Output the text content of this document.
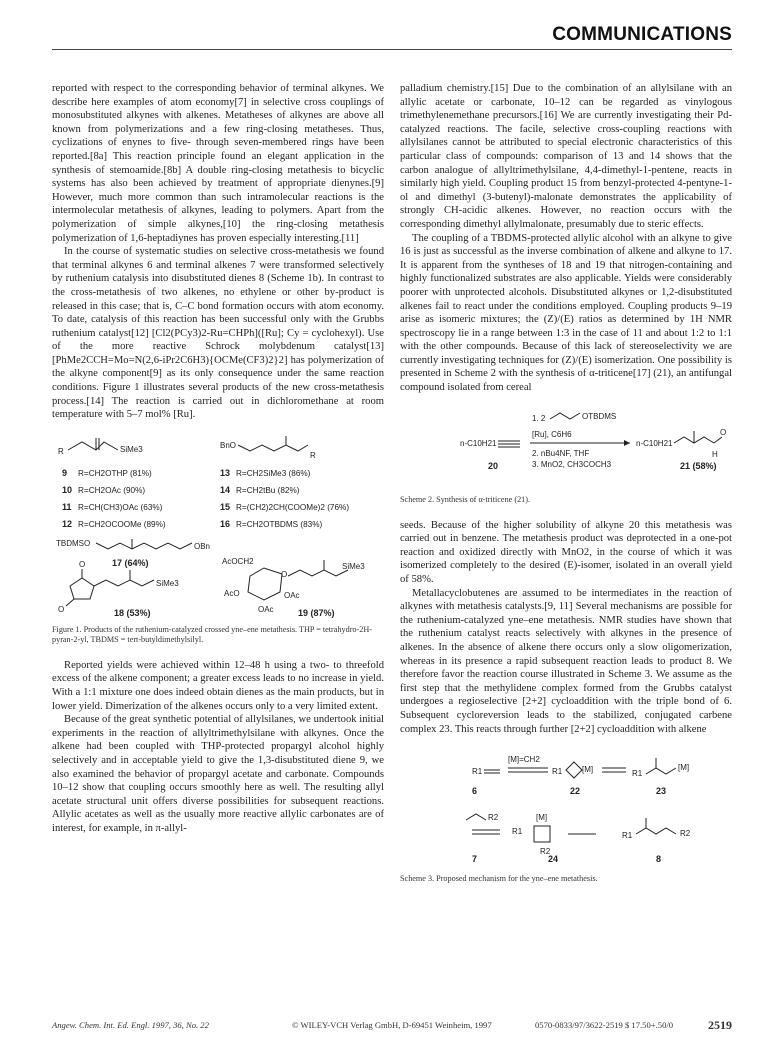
COMMUNICATIONS

reported with respect to the corresponding behavior of terminal alkynes. We describe here examples of atom economy[7] in selective cross couplings of monosubstituted alkynes with alkenes. Metatheses of alkynes are above all known from polymerizations and a few ring-closing metatheses. Thus, cyclizations of enynes to five- through seven-membered rings have been reported.[8a] This reaction principle found an elegant application in the synthesis of stemoamide.[8b] A double ring-closing metathesis to bicyclic systems has also been achieved by treatment of appropriate dienynes.[9] However, much more common than such intramolecular reactions is the intermolecular metathesis of alkynes, leading to polymers. Apart from the polymerization of simple alkynes,[10] the ring-closing metathesis polymerization of 1,6-heptadiynes has proven especially interesting.[11]

In the course of systematic studies on selective cross-metathesis we found that terminal alkynes 6 and terminal alkenes 7 were transformed selectively by ruthenium catalysis into disubstituted dienes 8 (Scheme 1b). In contrast to the cross-metathesis of two alkenes, no ethylene or other by-product is released in this case; that is, C–C bond formation occurs with atom economy. To date, catalysis of this reaction has been successful only with the Grubbs ruthenium catalyst[12] [Cl2(PCy3)2-Ru=CHPh]([Ru]; Cy = cyclohexyl). Use of the more reactive Schrock molybdenum catalyst[13] [PhMe2CCH=Mo=N(2,6-iPr2C6H3){OCMe(CF3)2}2] has polymerization of the alkyne component[9] as its only consequence under the same reaction conditions. Figure 1 illustrates several products of the new cross-metathesis process.[14] The reaction is carried out in dichloromethane at room temperature with 5–7 mol% [Ru].

R	SiMe3	BnO
R
9 R=CH2OTHP (81%)
10 R=CH2OAc (90%)
11 R=CH(CH3)OAc (63%)
12 R=CH2OCOOMe (89%)
13 R=CH2SiMe3 (86%)
14 R=CH2tBu (82%)
15 R=(CH2)2CH(COOMe)2 (76%)
16 R=CH2OTBDMS (83%)
TBDMSO	OBn
17 (64%)
O
O
SiMe3
18 (53%)
AcOCH2
O
AcO	OAc
OAc
SiMe3
19 (87%)
Figure 1. Products of the ruthenium-catalyzed crossed yne–ene metathesis. THP = tetrahydro-2H-pyran-2-yl, TBDMS = tert-butyldimethylsilyl.

Reported yields were achieved within 12–48 h using a two- to threefold excess of the alkene component; a greater excess leads to no increase in yield. With a 1:1 mixture one does indeed obtain dienes as the main products, but in lower yield. Dimerization of the alkenes occurs only to a very limited extent.

Because of the great synthetic potential of allylsilanes, we undertook initial experiments in the reaction of allyltrimethylsilane with alkynes. Once the alkene had been coupled with THP-protected propargyl alcohol highly selectively and in acceptable yield to give the 1,3-disubstituted diene 9, we also examined the behavior of propargyl acetate and carbonate. Compounds 10–12 show that coupling occurs smoothly here as well. The resulting allyl acetate structural unit offers diverse possibilities for subsequent reactions. Allylic acetates as well as the usually more reactive allylic carbonates are of interest, for example, in π-allyl-

palladium chemistry.[15] Due to the combination of an allylsilane with an allylic acetate or carbonate, 10–12 can be regarded as vinylogous trimethylenemethane precursors.[16] We are currently investigating their Pd-catalyzed reactions. The facile, selective cross-coupling reactions with allylsilanes cannot be attributed to special electronic characteristics of this particular class of compounds: comparison of 13 and 14 shows that the carbon analogue of allyltrimethylsilane, 4,4-dimethyl-1-pentene, reacts in similarly high yield. Coupling product 15 from benzyl-protected 4-pentyne-1-ol and dimethyl (3-butenyl)-malonate demonstrates the applicability of strongly CH-acidic alkenes. However, no reaction occurs with the corresponding dimethyl allylmalonate, presumably due to steric effects.

The coupling of a TBDMS-protected allylic alcohol with an alkyne to give 16 is just as successful as the inverse combination of alkene and alkyne to 17. It is apparent from the syntheses of 18 and 19 that nitrogen-containing and highly functionalized substrates are also applicable. Yields were considerably poorer with unprotected alcohols. Disubstituted alkynes or 1,2-disubstituted alkenes fail to react under the conditions employed. Coupling products 9–19 arise as isomeric mixtures; the (Z)/(E) ratios as determined by 1H NMR spectroscopy lie in a range between 1:3 in the case of 11 and about 1:2 to 1:1 with the other compounds. Because of this lack of stereoselectivity we are currently investigating techniques for (Z)/(E) isomerization. One possibility is presented in Scheme 2 with the synthesis of α-triticene[17] (21), an antifungal compound isolated from cereal

1. 2	OTBDMS
[Ru], C6H6
2. nBu4NF, THF
3. MnO2, CH3COCH3
n-C10H21
20
n-C10H21
O
H
21 (58%)
Scheme 2. Synthesis of α-triticene (21).

seeds. Because of the higher solubility of alkyne 20 this metathesis was carried out in benzene. The metathesis product was deprotected in a one-pot reaction and oxidized directly with MnO2, in the course of which it was isomerized completely to the desired (E)-isomer, isolated in an overall yield of 58%.

Metallacyclobutenes are assumed to be intermediates in the reaction of alkynes with metathesis catalysts.[9, 11] Several mechanisms are possible for the ruthenium-catalyzed yne–ene metathesis. NMR studies have shown that the ruthenium catalyst reacts selectively with alkynes in the presence of alkenes. In the absence of alkene there occurs only a slow oligomerization, whereas in its presence a rapid subsequent reaction leads to product 8. We therefore favor the reaction course illustrated in Scheme 3. We assume as the first step that the methylidene complex formed from the Grubbs catalyst undergoes a regioselective [2+2] cycloaddition with the triple bond of 6. Subsequent cycloreversion leads to the stabilized, conjugated carbene complex 23. This reacts through further [2+2] cycloaddition with alkene

R1
[M]=CH2
R1 [M]	R1
[M]
6	22	23
R2
R1
[M]
R2
R1	R2
7	24	8
Scheme 3. Proposed mechanism for the yne–ene metathesis.
Angew. Chem. Int. Ed. Engl. 1997, 36, No. 22	© WILEY-VCH Verlag GmbH, D-69451 Weinheim, 1997	0570-0833/97/3622-2519 $ 17.50+.50/0	2519
